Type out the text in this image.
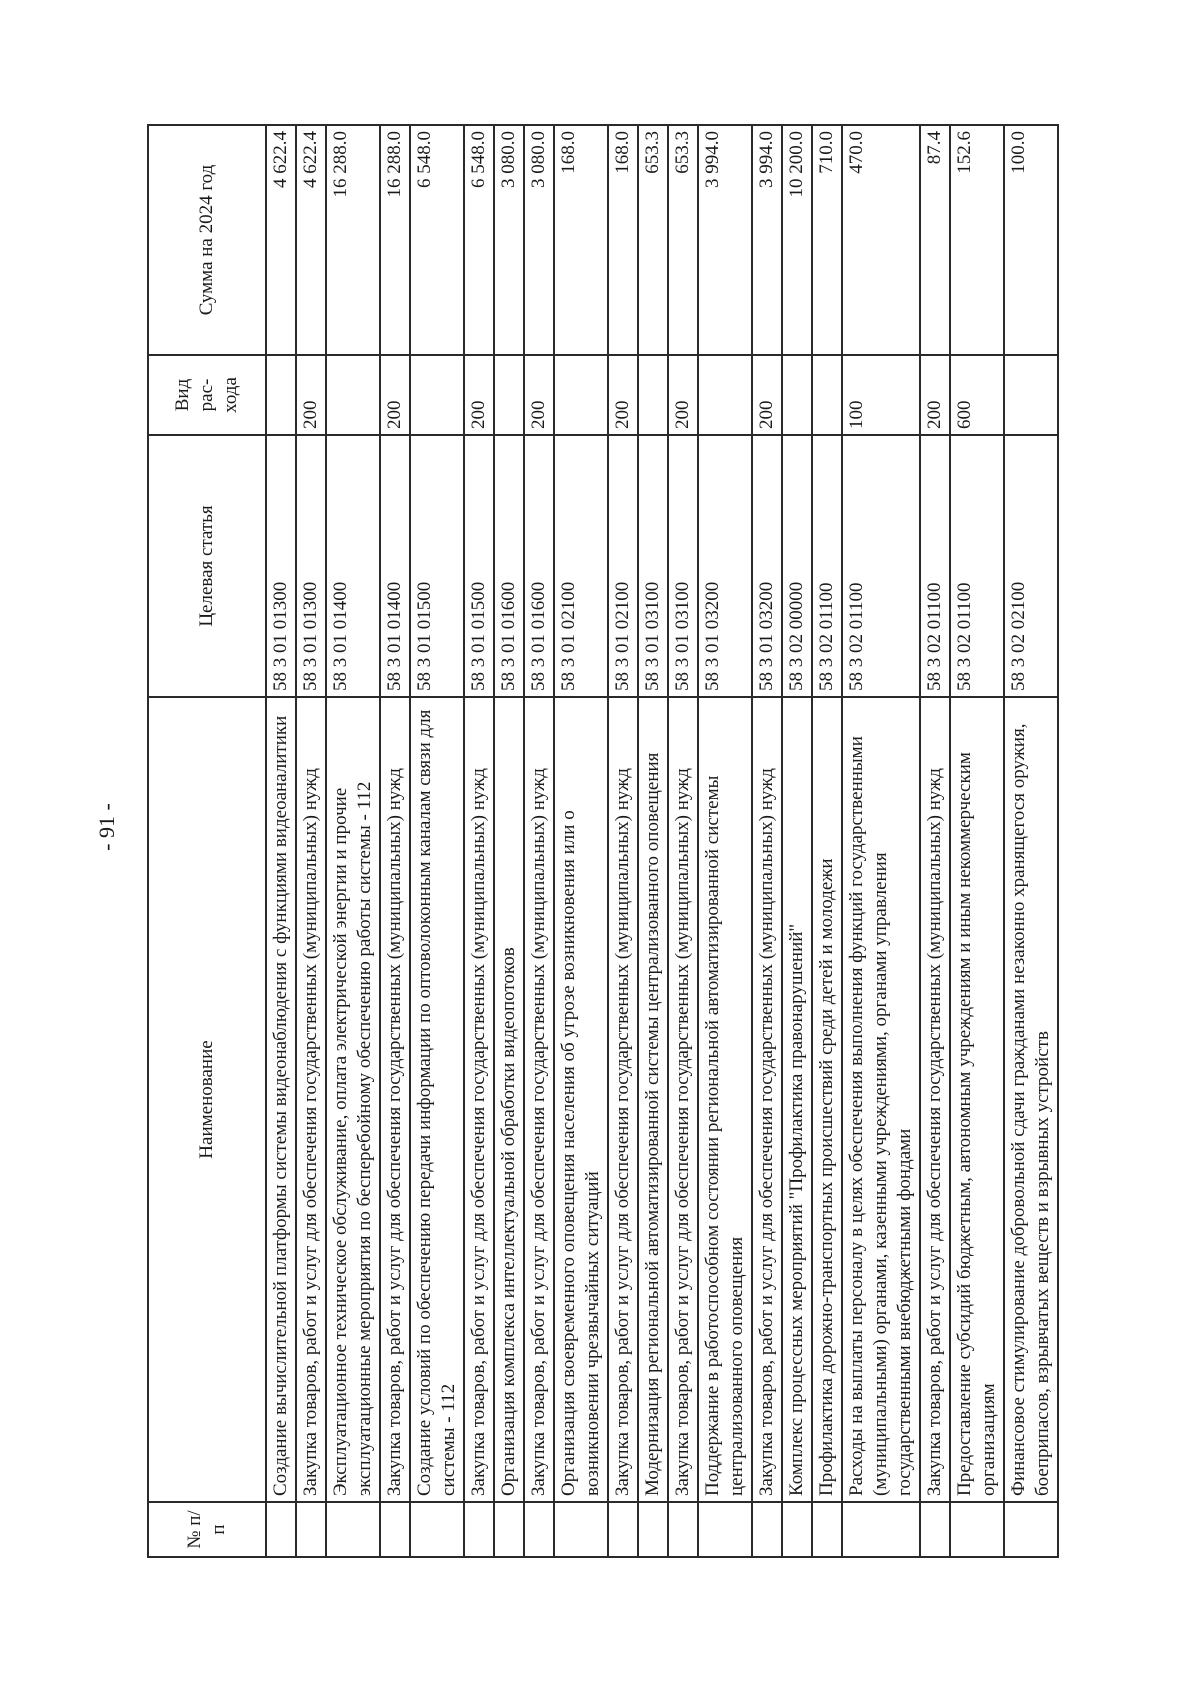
- 91 -
№ п/п	Наименование	Целевая статья	Вид рас-хода	Сумма на 2024 год
	Создание вычислительной платформы системы видеонаблюдения с функциями видеоаналитики	58 3 01 01300		4 622.4
	Закупка товаров, работ и услуг для обеспечения государственных (муниципальных) нужд	58 3 01 01300	200	4 622.4
	Эксплуатационное техническое обслуживание, оплата электрической энергии и прочие эксплуатационные мероприятия по бесперебойному обеспечению работы системы - 112	58 3 01 01400		16 288.0
	Закупка товаров, работ и услуг для обеспечения государственных (муниципальных) нужд	58 3 01 01400	200	16 288.0
	Создание условий по обеспечению передачи информации по оптоволоконным каналам связи для системы - 112	58 3 01 01500		6 548.0
	Закупка товаров, работ и услуг для обеспечения государственных (муниципальных) нужд	58 3 01 01500	200	6 548.0
	Организация комплекса интеллектуальной обработки видеопотоков	58 3 01 01600		3 080.0
	Закупка товаров, работ и услуг для обеспечения государственных (муниципальных) нужд	58 3 01 01600	200	3 080.0
	Организация своевременного оповещения населения об угрозе возникновения или о возникновении чрезвычайных ситуаций	58 3 01 02100		168.0
	Закупка товаров, работ и услуг для обеспечения государственных (муниципальных) нужд	58 3 01 02100	200	168.0
	Модернизация региональной автоматизированной системы централизованного оповещения	58 3 01 03100		653.3
	Закупка товаров, работ и услуг для обеспечения государственных (муниципальных) нужд	58 3 01 03100	200	653.3
	Поддержание в работоспособном состоянии региональной автоматизированной системы централизованного оповещения	58 3 01 03200		3 994.0
	Закупка товаров, работ и услуг для обеспечения государственных (муниципальных) нужд	58 3 01 03200	200	3 994.0
	Комплекс процессных мероприятий "Профилактика правонарушений"	58 3 02 00000		10 200.0
	Профилактика дорожно-транспортных происшествий среди детей и молодежи	58 3 02 01100		710.0
	Расходы на выплаты персоналу в целях обеспечения выполнения функций государственными (муниципальными) органами, казенными учреждениями, органами управления государственными внебюджетными фондами	58 3 02 01100	100	470.0
	Закупка товаров, работ и услуг для обеспечения государственных (муниципальных) нужд	58 3 02 01100	200	87.4
	Предоставление субсидий бюджетным, автономным учреждениям и иным некоммерческим организациям	58 3 02 01100	600	152.6
	Финансовое стимулирование добровольной сдачи гражданами незаконно хранящегося оружия, боеприпасов, взрывчатых веществ и взрывных устройств	58 3 02 02100		100.0
